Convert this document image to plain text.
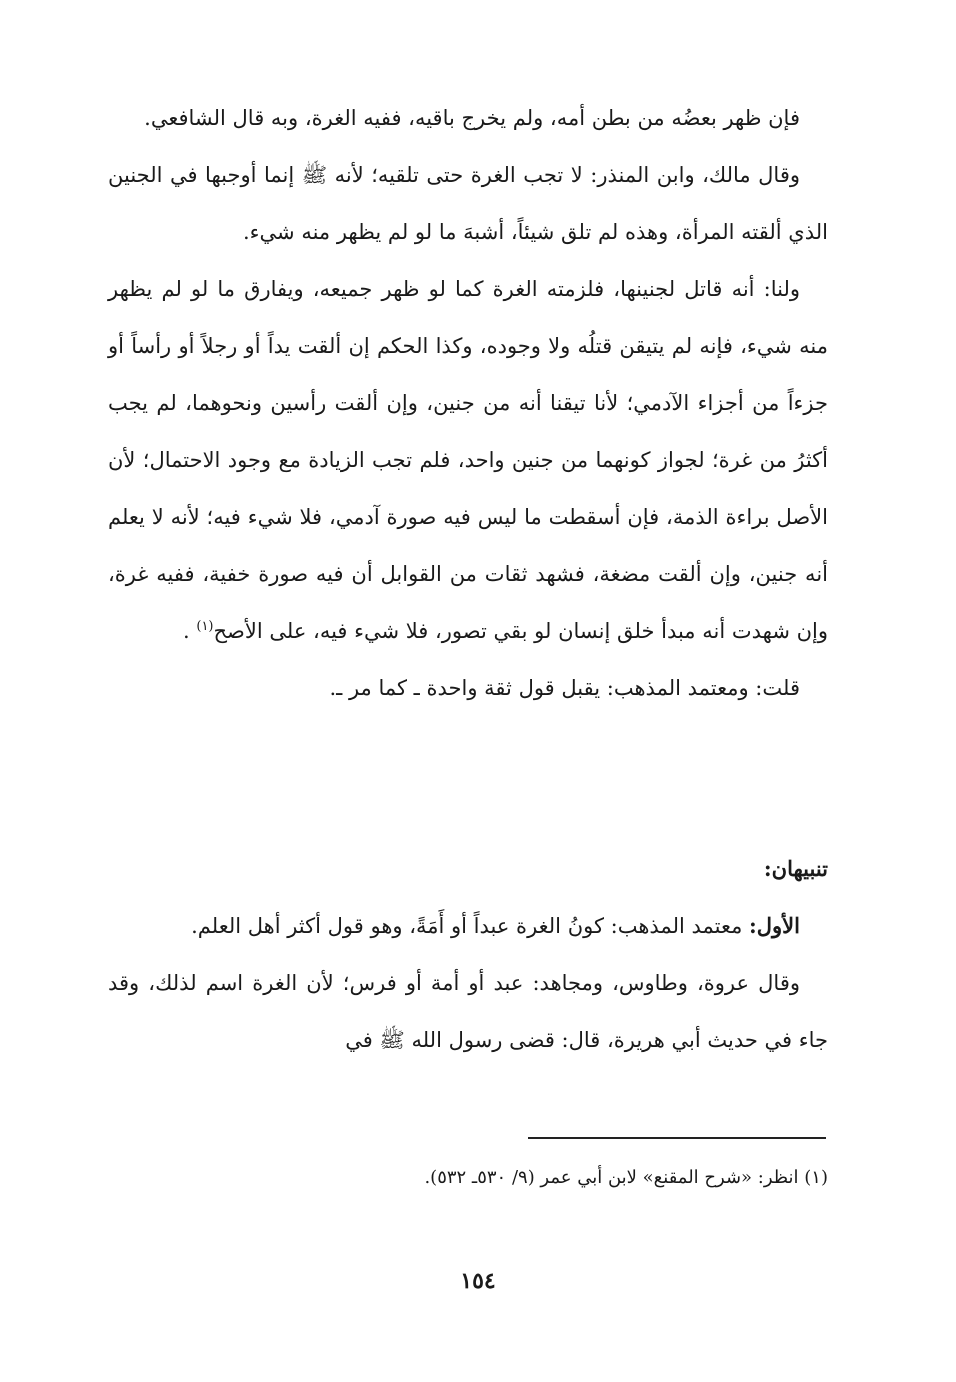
فإن ظهر بعضُه من بطن أمه، ولم يخرج باقيه، ففيه الغرة، وبه قال الشافعي.

وقال مالك، وابن المنذر: لا تجب الغرة حتى تلقيه؛ لأنه ﷺ إنما أوجبها في الجنين الذي ألقته المرأة، وهذه لم تلق شيئاً، أشبهَ ما لو لم يظهر منه شيء.

ولنا: أنه قاتل لجنينها، فلزمته الغرة كما لو ظهر جميعه، ويفارق ما لو لم يظهر منه شيء، فإنه لم يتيقن قتلُه ولا وجوده، وكذا الحكم إن ألقت يداً أو رجلاً أو رأساً أو جزءاً من أجزاء الآدمي؛ لأنا تيقنا أنه من جنين، وإن ألقت رأسين ونحوهما، لم يجب أكثرُ من غرة؛ لجواز كونهما من جنين واحد، فلم تجب الزيادة مع وجود الاحتمال؛ لأن الأصل براءة الذمة، فإن أسقطت ما ليس فيه صورة آدمي، فلا شيء فيه؛ لأنه لا يعلم أنه جنين، وإن ألقت مضغة، فشهد ثقات من القوابل أن فيه صورة خفية، ففيه غرة، وإن شهدت أنه مبدأ خلق إنسان لو بقي تصور، فلا شيء فيه، على الأصح$^{(١)}$ .

قلت: ومعتمد المذهب: يقبل قول ثقة واحدة ـ كما مر ـ.

تنبيهان:

الأول: معتمد المذهب: كونُ الغرة عبداً أو أَمَةً، وهو قول أكثر أهل العلم.

وقال عروة، وطاوس، ومجاهد: عبد أو أمة أو فرس؛ لأن الغرة اسم لذلك، وقد جاء في حديث أبي هريرة، قال: قضى رسول الله ﷺ في

(١) انظر: «شرح المقنع» لابن أبي عمر (٩/ ٥٣٠ـ ٥٣٢).

١٥٤
